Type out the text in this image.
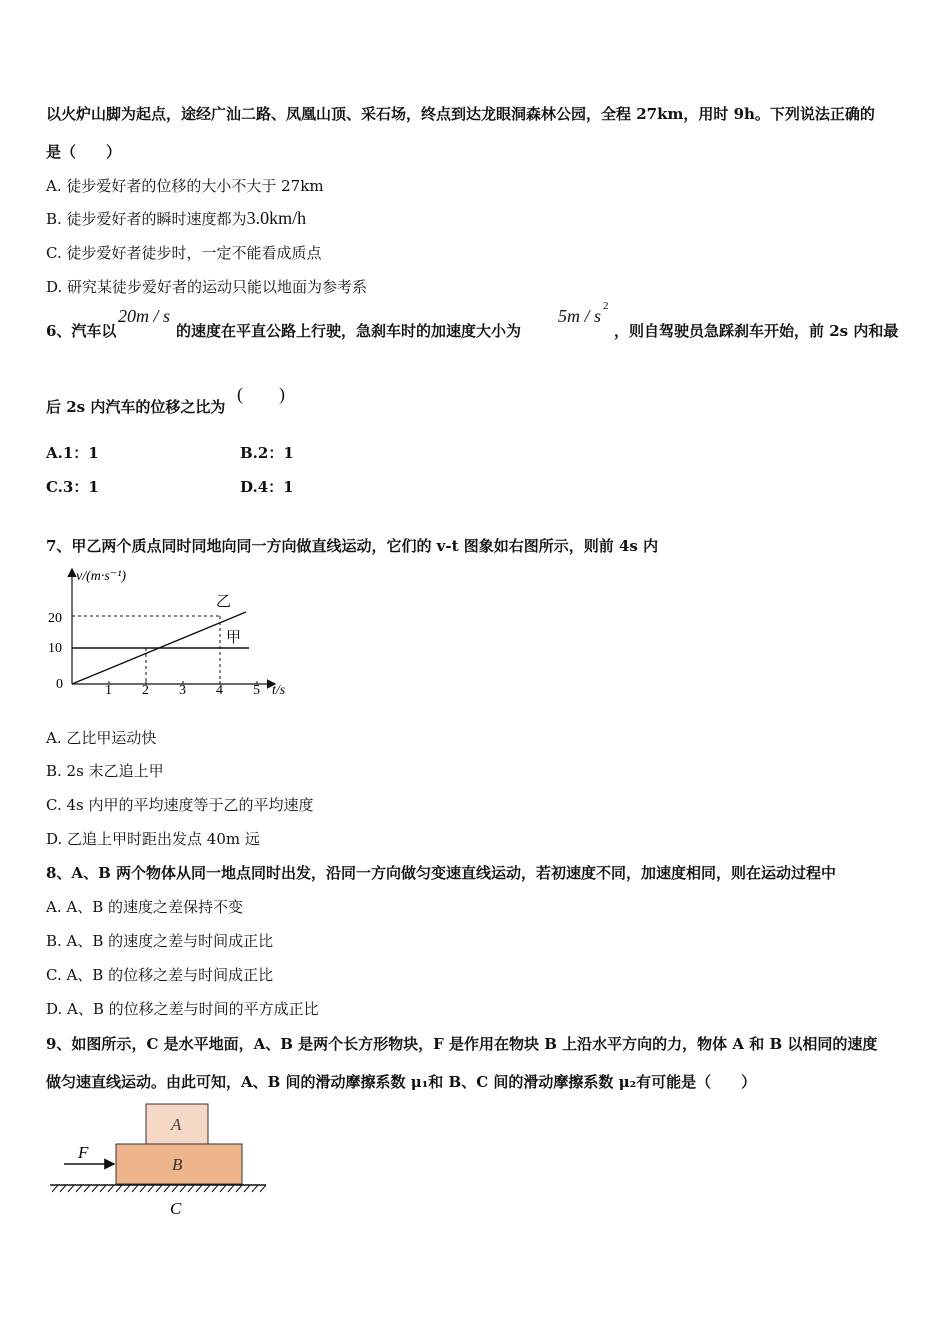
以火炉山脚为起点，途经广汕二路、凤凰山顶、采石场，终点到达龙眼洞森林公园，全程 27km，用时 9h。下列说法正确的
是（　　）
A. 徒步爱好者的位移的大小不大于 27km
B. 徒步爱好者的瞬时速度都为3.0km/h
C. 徒步爱好者徒步时，一定不能看成质点
D. 研究某徒步爱好者的运动只能以地面为参考系
6、汽车以
20m / s
的速度在平直公路上行驶，急刹车时的加速度大小为
5m / s 2
，则自驾驶员急踩刹车开始，前 2s 内和最
后 2s 内汽车的位移之比为
(　　)
A.1：1	B.2：1
C.3：1	D.4：1
7、甲乙两个质点同时同地向同一方向做直线运动，它们的 v-t 图象如右图所示，则前 4s 内
v/(m·s⁻¹)
20
10
0	1 2 3 4 5 t/s
乙
甲
A. 乙比甲运动快
B. 2s 末乙追上甲
C. 4s 内甲的平均速度等于乙的平均速度
D. 乙追上甲时距出发点 40m 远
8、A、B 两个物体从同一地点同时出发，沿同一方向做匀变速直线运动，若初速度不同，加速度相同，则在运动过程中
A. A、B 的速度之差保持不变
B. A、B 的速度之差与时间成正比
C. A、B 的位移之差与时间成正比
D. A、B 的位移之差与时间的平方成正比
9、如图所示，C 是水平地面，A、B 是两个长方形物块，F 是作用在物块 B 上沿水平方向的力，物体 A 和 B 以相同的速度
做匀速直线运动。由此可知，A、B 间的滑动摩擦系数 μ₁和 B、C 间的滑动摩擦系数 μ₂有可能是（　　）
F
A
B
C
